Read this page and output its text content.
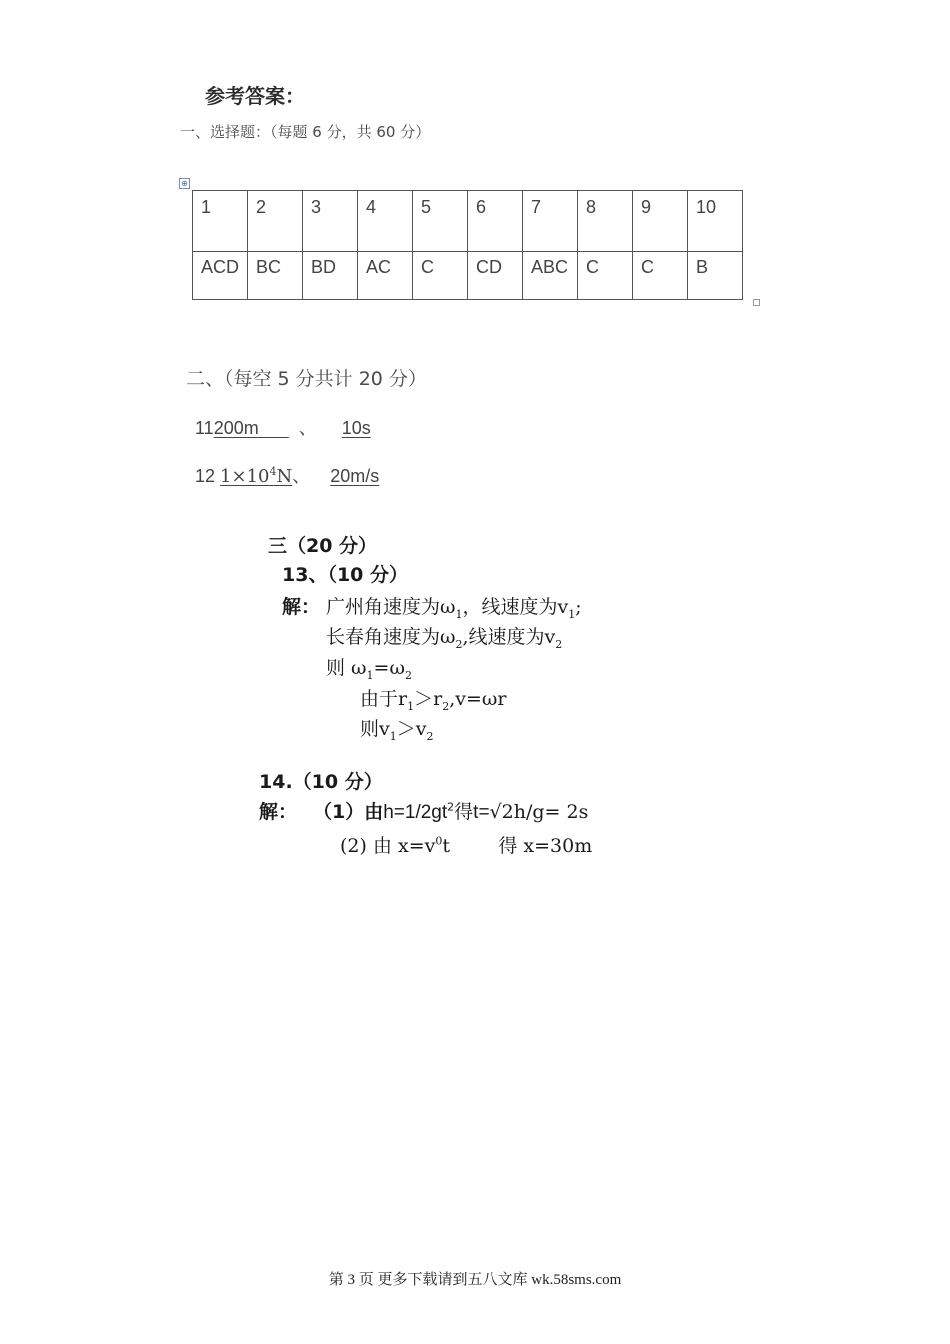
参考答案：
一、选择题：（每题 6 分，共 60 分）
⊕
1	2	3	4	5	6	7	8	9	10
ACD	BC	BD	AC	C	CD	ABC	C	C	B
二、（每空 5 分共计 20 分）
11200m 、 10s
12 $1\times 10^4N$、 20m/s
三（20 分）
13、（10 分）
解： 广州角速度为$\omega_1$，线速度为$v_1$;
长春角速度为$\omega_2$,线速度为$v_2$
则 $\omega_1=\omega_2$
由于$r_1>r_2,v=\omega r$
则$v_1>v_2$
14.（10 分）
解： （1）由$h=1/2gt^2$得t=√2h/g= 2s
(2) 由 $x=v^0t$	得 x=30m
第 3 页 更多下载请到五八文库 wk.58sms.com
